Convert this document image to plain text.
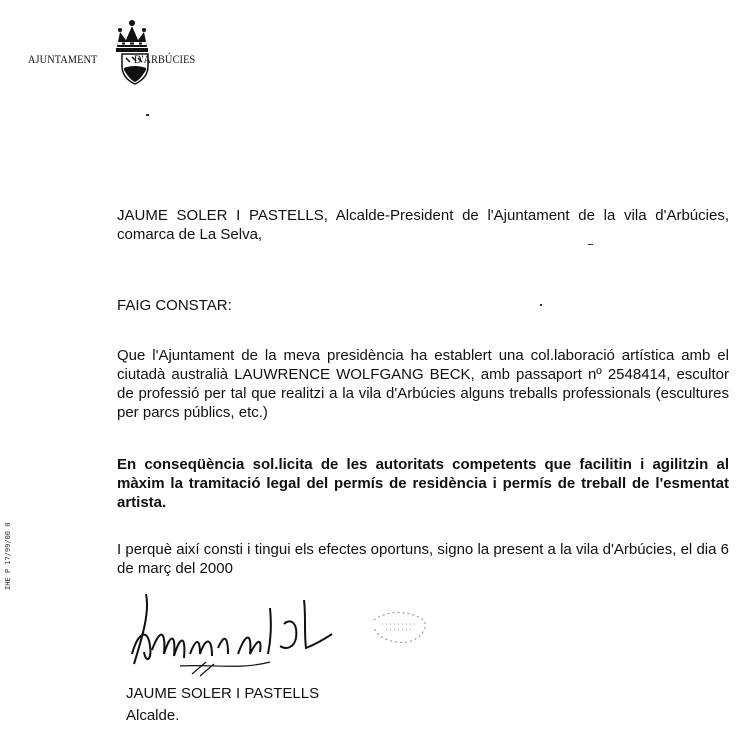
AJUNTAMENT	D'ARBÚCIES
JAUME SOLER I PASTELLS, Alcalde-President de l'Ajuntament de la vila d'Arbúcies, comarca de La Selva,
FAIG CONSTAR:
Que l'Ajuntament de la meva presidència ha establert una col.laboració artística amb el ciutadà australià LAUWRENCE WOLFGANG BECK, amb passaport nº 2548414, escultor de professió per tal que realitzi a la vila d'Arbúcies alguns treballs professionals (escultures per parcs públics, etc.)
En conseqüència sol.licita de les autoritats competents que facilitin i agilitzin al màxim la tramitació legal del permís de residència i permís de treball de l'esmentat artista.
I perquè així consti i tingui els efectes oportuns, signo la present a la vila d'Arbúcies, el dia 6 de març del 2000
JAUME SOLER I PASTELLS
Alcalde.
IHE P 17/99/00 0
